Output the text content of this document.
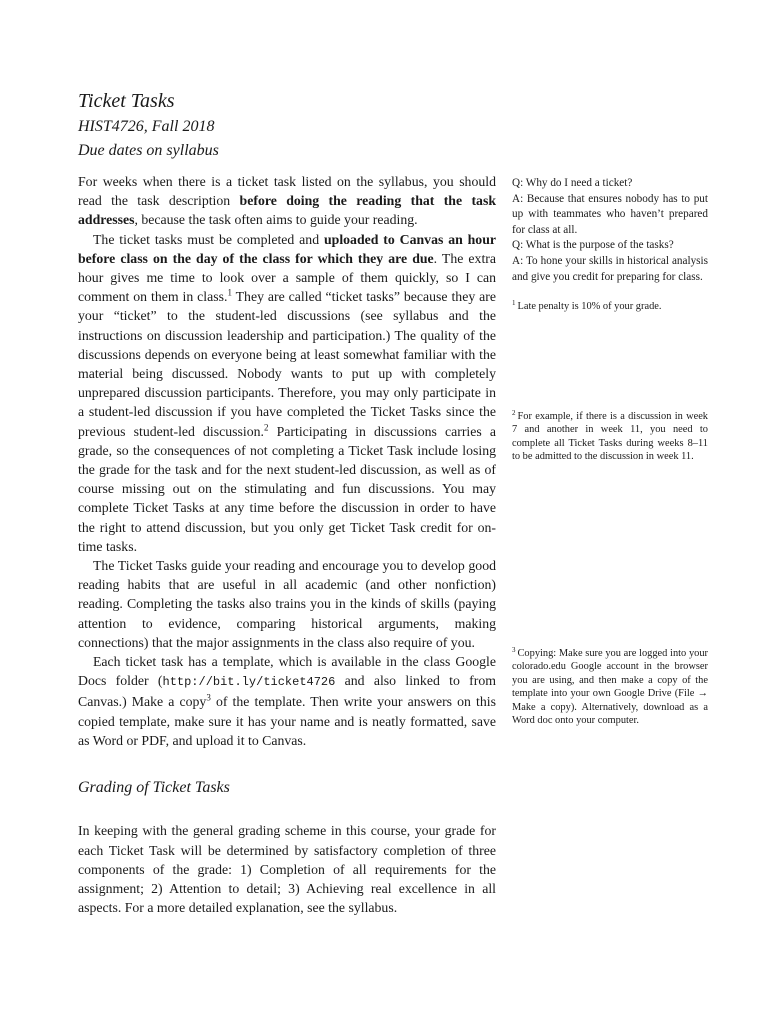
Ticket Tasks
HIST4726, Fall 2018
Due dates on syllabus

For weeks when there is a ticket task listed on the syllabus, you should read the task description before doing the reading that the task addresses, because the task often aims to guide your reading.

The ticket tasks must be completed and uploaded to Canvas an hour before class on the day of the class for which they are due. The extra hour gives me time to look over a sample of them quickly, so I can comment on them in class.$^1$ They are called “ticket tasks” because they are your “ticket” to the student-led discussions (see syllabus and the instructions on discussion leadership and participation.) The quality of the discussions depends on everyone being at least somewhat familiar with the material being discussed. Nobody wants to put up with completely unprepared discussion participants. Therefore, you may only participate in a student-led discussion if you have completed the Ticket Tasks since the previous student-led discussion.$^2$ Participating in discussions carries a grade, so the consequences of not completing a Ticket Task include losing the grade for the task and for the next student-led discussion, as well as of course missing out on the stimulating and fun discussions. You may complete Ticket Tasks at any time before the discussion in order to have the right to attend discussion, but you only get Ticket Task credit for on-time tasks.

The Ticket Tasks guide your reading and encourage you to develop good reading habits that are useful in all academic (and other nonfiction) reading. Completing the tasks also trains you in the kinds of skills (paying attention to evidence, comparing historical arguments, making connections) that the major assignments in the class also require of you.

Each ticket task has a template, which is available in the class Google Docs folder (http://bit.ly/ticket4726 and also linked to from Canvas.) Make a copy$^3$ of the template. Then write your answers on this copied template, make sure it has your name and is neatly formatted, save as Word or PDF, and upload it to Canvas.

Grading of Ticket Tasks

In keeping with the general grading scheme in this course, your grade for each Ticket Task will be determined by satisfactory completion of three components of the grade: 1) Completion of all requirements for the assignment; 2) Attention to detail; 3) Achieving real excellence in all aspects. For a more detailed explanation, see the syllabus.

Q: Why do I need a ticket?

A: Because that ensures nobody has to put up with teammates who haven’t prepared for class at all.

Q: What is the purpose of the tasks?

A: To hone your skills in historical analysis and give you credit for preparing for class.

$^1$ Late penalty is 10% of your grade.

$^2$ For example, if there is a discussion in week 7 and another in week 11, you need to complete all Ticket Tasks during weeks 8–11 to be admitted to the discussion in week 11.

$^3$ Copying: Make sure you are logged into your colorado.edu Google account in the browser you are using, and then make a copy of the template into your own Google Drive (File → Make a copy). Alternatively, download as a Word doc onto your computer.
